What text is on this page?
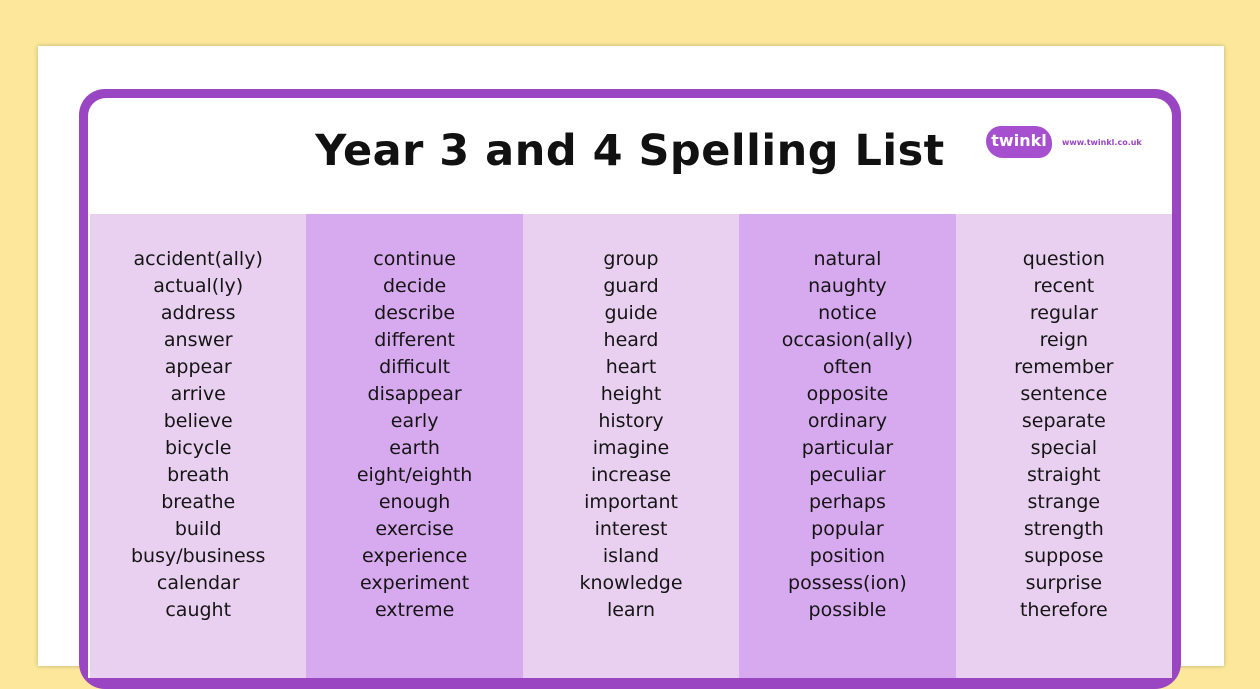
Year 3 and 4 Spelling List	twinkl	www.twinkl.co.uk
accident(ally)
actual(ly)
address
answer
appear
arrive
believe
bicycle
breath
breathe
build
busy/business
calendar
caught
continue
decide
describe
different
difficult
disappear
early
earth
eight/eighth
enough
exercise
experience
experiment
extreme
group
guard
guide
heard
heart
height
history
imagine
increase
important
interest
island
knowledge
learn
natural
naughty
notice
occasion(ally)
often
opposite
ordinary
particular
peculiar
perhaps
popular
position
possess(ion)
possible
question
recent
regular
reign
remember
sentence
separate
special
straight
strange
strength
suppose
surprise
therefore
